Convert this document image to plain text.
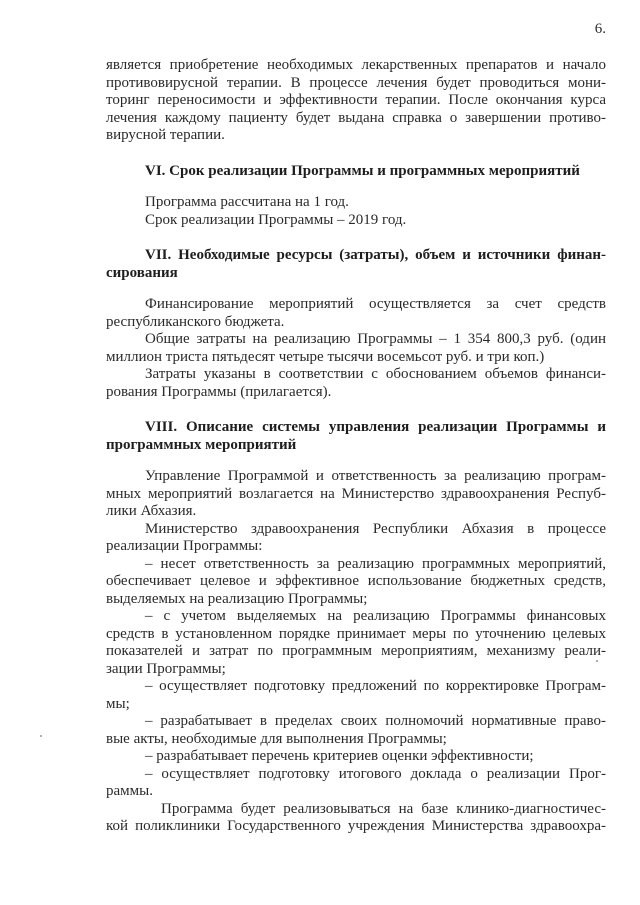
6.
является приобретение необходимых лекарственных препаратов и начало
противовирусной терапии. В процессе лечения будет проводиться мони-
торинг переносимости и эффективности терапии. После окончания курса
лечения каждому пациенту будет выдана справка о завершении противо-
вирусной терапии.
VI. Срок реализации Программы и программных мероприятий
Программа рассчитана на 1 год.
Срок реализации Программы – 2019 год.
VII. Необходимые ресурсы (затраты), объем и источники финан-
сирования
Финансирование мероприятий осуществляется за счет средств
республиканского бюджета.
Общие затраты на реализацию Программы – 1 354 800,3 руб. (один
миллион триста пятьдесят четыре тысячи восемьсот руб. и три коп.)
Затраты указаны в соответствии с обоснованием объемов финанси-
рования Программы (прилагается).
VIII. Описание системы управления реализации Программы и
программных мероприятий
Управление Программой и ответственность за реализацию програм-
мных мероприятий возлагается на Министерство здравоохранения Респуб-
лики Абхазия.
Министерство здравоохранения Республики Абхазия в процессе
реализации Программы:
– несет ответственность за реализацию программных мероприятий,
обеспечивает целевое и эффективное использование бюджетных средств,
выделяемых на реализацию Программы;
– с учетом выделяемых на реализацию Программы финансовых
средств в установленном порядке принимает меры по уточнению целевых
показателей и затрат по программным мероприятиям, механизму реали-
зации Программы;
– осуществляет подготовку предложений по корректировке Програм-
мы;
– разрабатывает в пределах своих полномочий нормативные право-
вые акты, необходимые для выполнения Программы;
– разрабатывает перечень критериев оценки эффективности;
– осуществляет подготовку итогового доклада о реализации Прог-
раммы.
Программа будет реализовываться на базе клинико-диагностичес-
кой поликлиники Государственного учреждения Министерства здравоохра-
